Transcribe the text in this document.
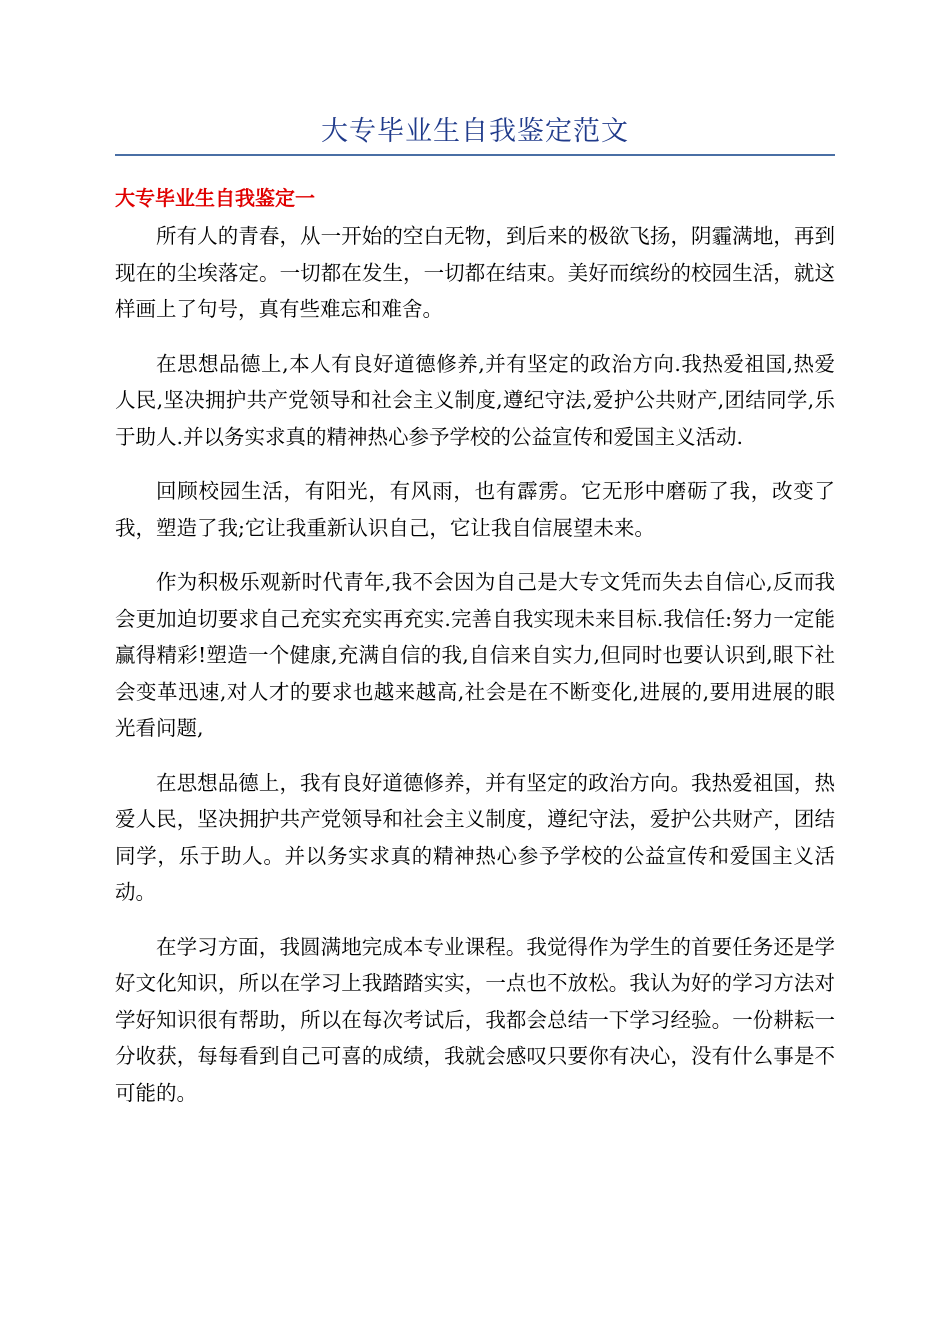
大专毕业生自我鉴定范文
大专毕业生自我鉴定一

所有人的青春，从一开始的空白无物，到后来的极欲飞扬，阴霾满地，再到现在的尘埃落定。一切都在发生，一切都在结束。美好而缤纷的校园生活，就这样画上了句号，真有些难忘和难舍。

在思想品德上,本人有良好道德修养,并有坚定的政治方向.我热爱祖国,热爱人民,坚决拥护共产党领导和社会主义制度,遵纪守法,爱护公共财产,团结同学,乐于助人.并以务实求真的精神热心参予学校的公益宣传和爱国主义活动.

回顾校园生活，有阳光，有风雨，也有霹雳。它无形中磨砺了我，改变了我，塑造了我;它让我重新认识自己，它让我自信展望未来。

作为积极乐观新时代青年,我不会因为自己是大专文凭而失去自信心,反而我会更加迫切要求自己充实充实再充实.完善自我实现未来目标.我信任:努力一定能赢得精彩!塑造一个健康,充满自信的我,自信来自实力,但同时也要认识到,眼下社会变革迅速,对人才的要求也越来越高,社会是在不断变化,进展的,要用进展的眼光看问题,

在思想品德上，我有良好道德修养，并有坚定的政治方向。我热爱祖国，热爱人民，坚决拥护共产党领导和社会主义制度，遵纪守法，爱护公共财产，团结同学，乐于助人。并以务实求真的精神热心参予学校的公益宣传和爱国主义活动。

在学习方面，我圆满地完成本专业课程。我觉得作为学生的首要任务还是学好文化知识，所以在学习上我踏踏实实，一点也不放松。我认为好的学习方法对学好知识很有帮助，所以在每次考试后，我都会总结一下学习经验。一份耕耘一分收获，每每看到自己可喜的成绩，我就会感叹只要你有决心，没有什么事是不可能的。
